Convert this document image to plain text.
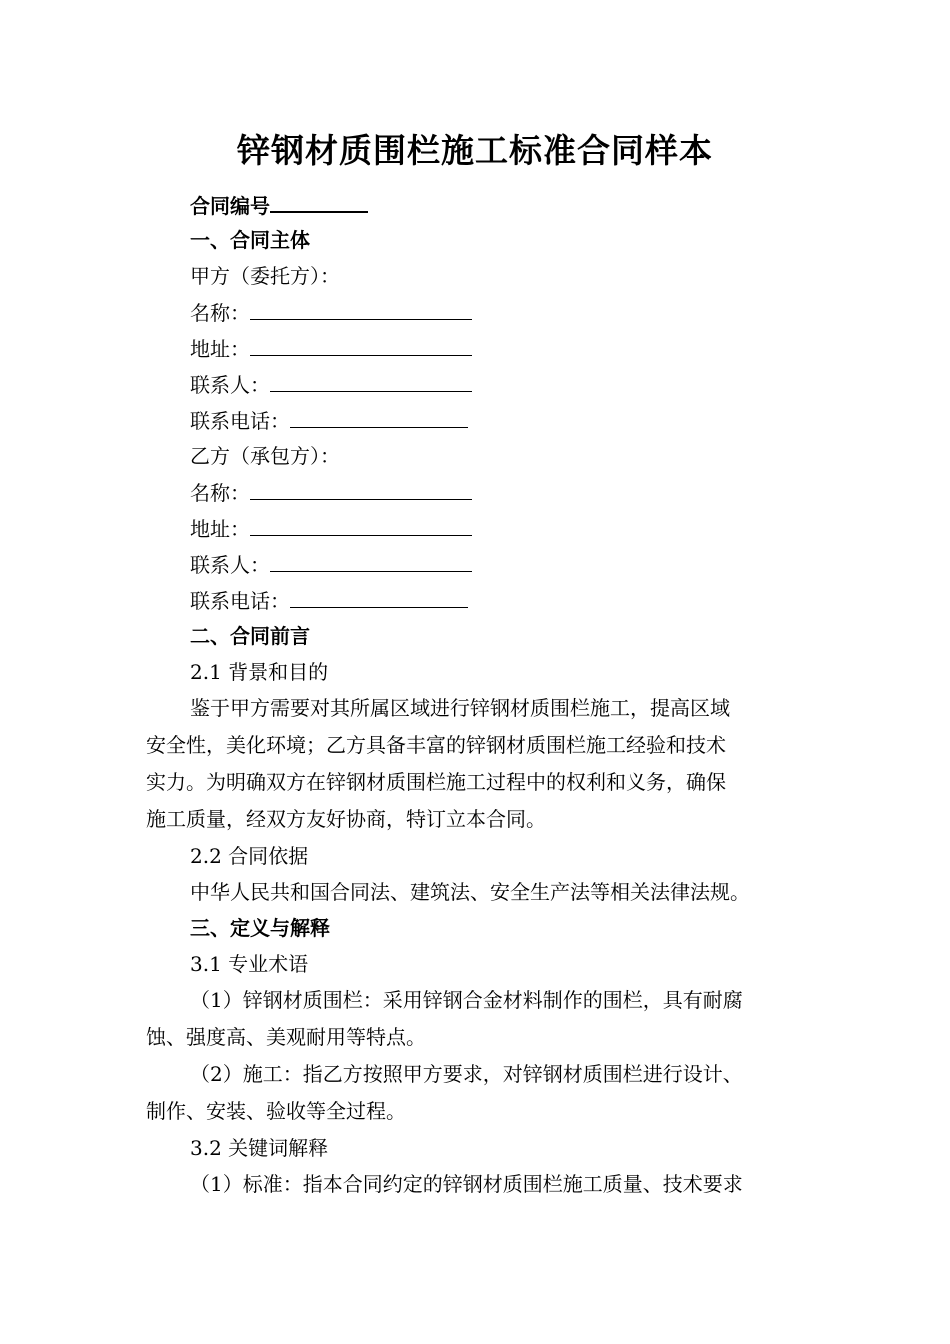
锌钢材质围栏施工标准合同样本
合同编号
一、合同主体
甲方（委托方）：
名称：
地址：
联系人：
联系电话：
乙方（承包方）：
名称：
地址：
联系人：
联系电话：
二、合同前言
2.1 背景和目的
鉴于甲方需要对其所属区域进行锌钢材质围栏施工，提高区域
安全性，美化环境；乙方具备丰富的锌钢材质围栏施工经验和技术
实力。为明确双方在锌钢材质围栏施工过程中的权利和义务，确保
施工质量，经双方友好协商，特订立本合同。
2.2 合同依据
中华人民共和国合同法、建筑法、安全生产法等相关法律法规。
三、定义与解释
3.1 专业术语
（1）锌钢材质围栏：采用锌钢合金材料制作的围栏，具有耐腐
蚀、强度高、美观耐用等特点。
（2）施工：指乙方按照甲方要求，对锌钢材质围栏进行设计、
制作、安装、验收等全过程。
3.2 关键词解释
（1）标准：指本合同约定的锌钢材质围栏施工质量、技术要求
